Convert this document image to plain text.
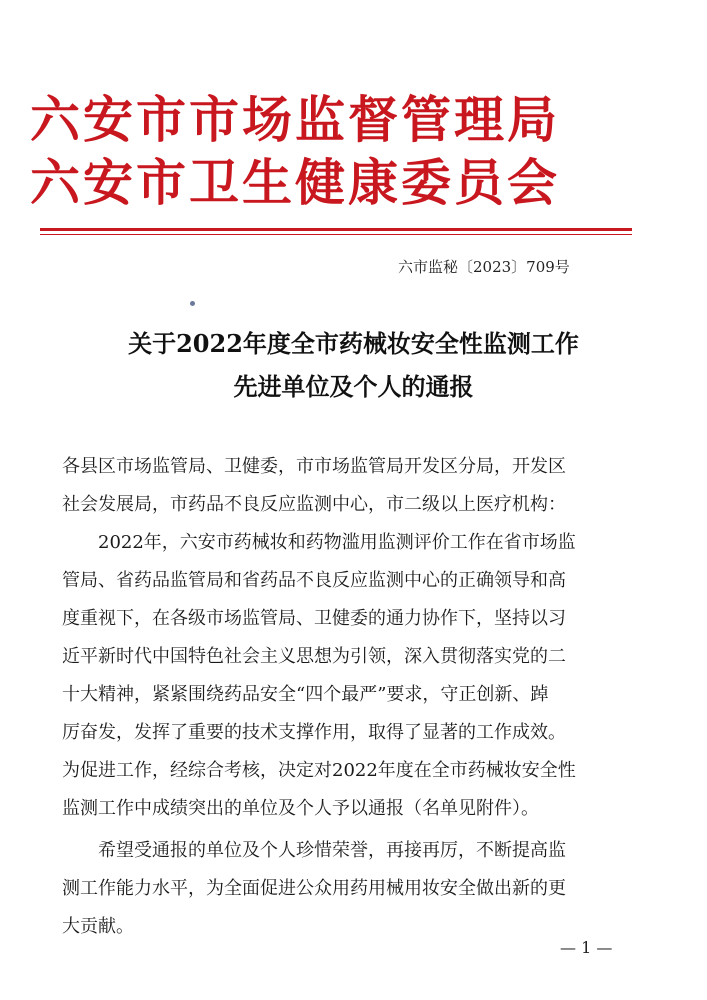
六安市市场监督管理局
六安市卫生健康委员会
六市监秘〔2023〕709号
关于2022年度全市药械妆安全性监测工作
先进单位及个人的通报
各县区市场监管局、卫健委，市市场监管局开发区分局，开发区
社会发展局，市药品不良反应监测中心，市二级以上医疗机构：
2022年，六安市药械妆和药物滥用监测评价工作在省市场监
管局、省药品监管局和省药品不良反应监测中心的正确领导和高
度重视下，在各级市场监管局、卫健委的通力协作下，坚持以习
近平新时代中国特色社会主义思想为引领，深入贯彻落实党的二
十大精神，紧紧围绕药品安全“四个最严”要求，守正创新、踔
厉奋发，发挥了重要的技术支撑作用，取得了显著的工作成效。
为促进工作，经综合考核，决定对2022年度在全市药械妆安全性
监测工作中成绩突出的单位及个人予以通报（名单见附件）。
希望受通报的单位及个人珍惜荣誉，再接再厉，不断提高监
测工作能力水平，为全面促进公众用药用械用妆安全做出新的更
大贡献。
— 1 —
